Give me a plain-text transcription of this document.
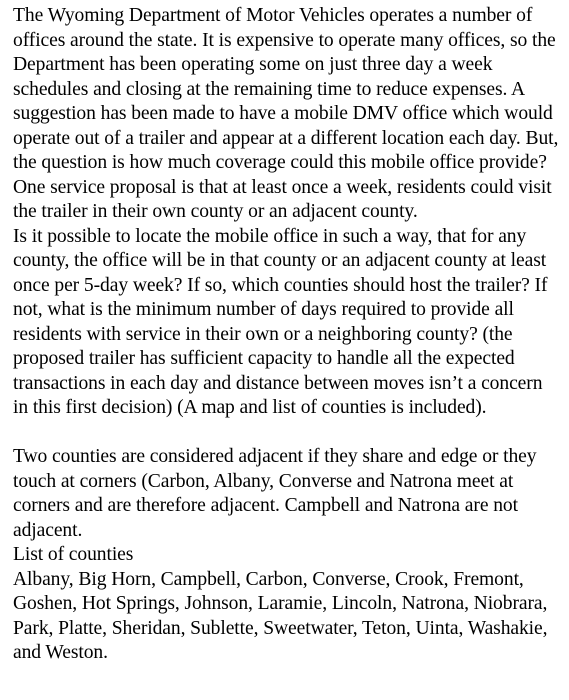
The Wyoming Department of Motor Vehicles operates a number of offices around the state. It is expensive to operate many offices, so the Department has been operating some on just three day a week schedules and closing at the remaining time to reduce expenses. A suggestion has been made to have a mobile DMV office which would operate out of a trailer and appear at a different location each day. But, the question is how much coverage could this mobile office provide? One service proposal is that at least once a week, residents could visit the trailer in their own county or an adjacent county.

Is it possible to locate the mobile office in such a way, that for any county, the office will be in that county or an adjacent county at least once per 5-day week? If so, which counties should host the trailer? If not, what is the minimum number of days required to provide all residents with service in their own or a neighboring county? (the proposed trailer has sufficient capacity to handle all the expected transactions in each day and distance between moves isn’t a concern in this first decision) (A map and list of counties is included).

Two counties are considered adjacent if they share and edge or they touch at corners (Carbon, Albany, Converse and Natrona meet at corners and are therefore adjacent. Campbell and Natrona are not adjacent.

List of counties

Albany, Big Horn, Campbell, Carbon, Converse, Crook, Fremont, Goshen, Hot Springs, Johnson, Laramie, Lincoln, Natrona, Niobrara, Park, Platte, Sheridan, Sublette, Sweetwater, Teton, Uinta, Washakie, and Weston.
